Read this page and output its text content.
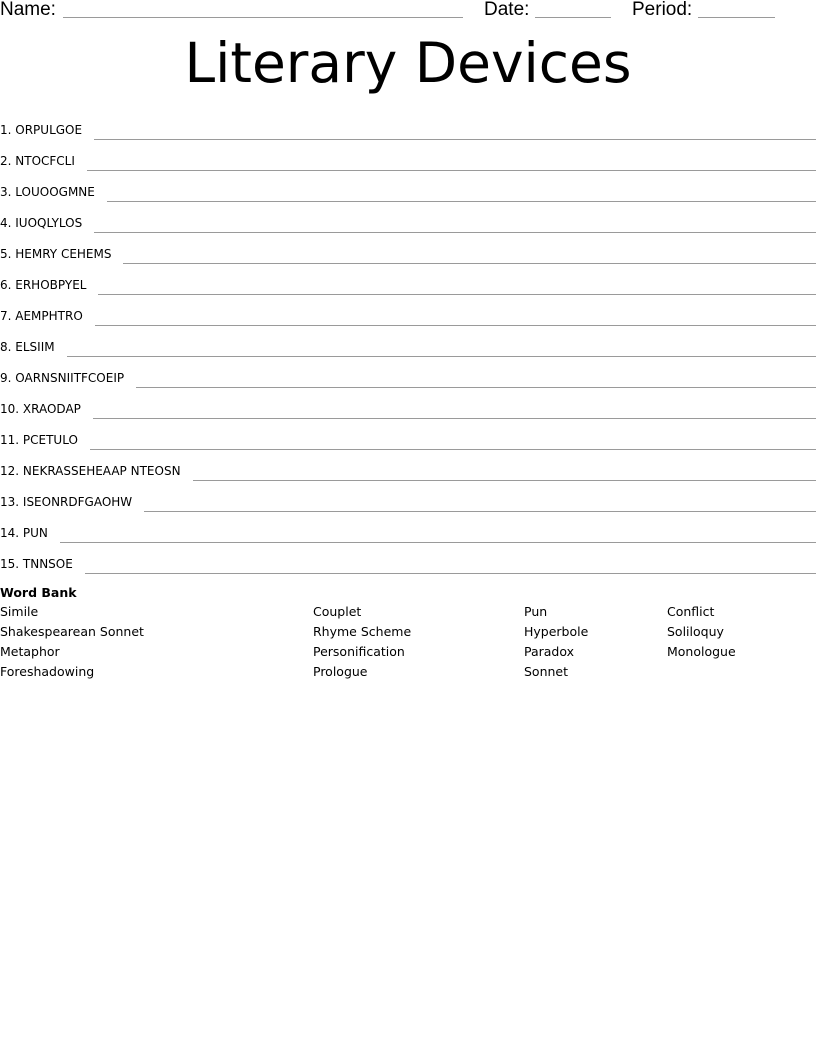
Name:	Date:	Period:
Literary Devices
1. ORPULGOE
2. NTOCFCLI
3. LOUOOGMNE
4. IUOQLYLOS
5. HEMRY CEHEMS
6. ERHOBPYEL
7. AEMPHTRO
8. ELSIIM
9. OARNSNIITFCOEIP
10. XRAODAP
11. PCETULO
12. NEKRASSEHEAAP NTEOSN
13. ISEONRDFGAOHW
14. PUN
15. TNNSOE
Word Bank
Simile	Couplet	Pun	Conflict
Shakespearean Sonnet	Rhyme Scheme	Hyperbole	Soliloquy
Metaphor	Personification	Paradox	Monologue
Foreshadowing	Prologue	Sonnet
